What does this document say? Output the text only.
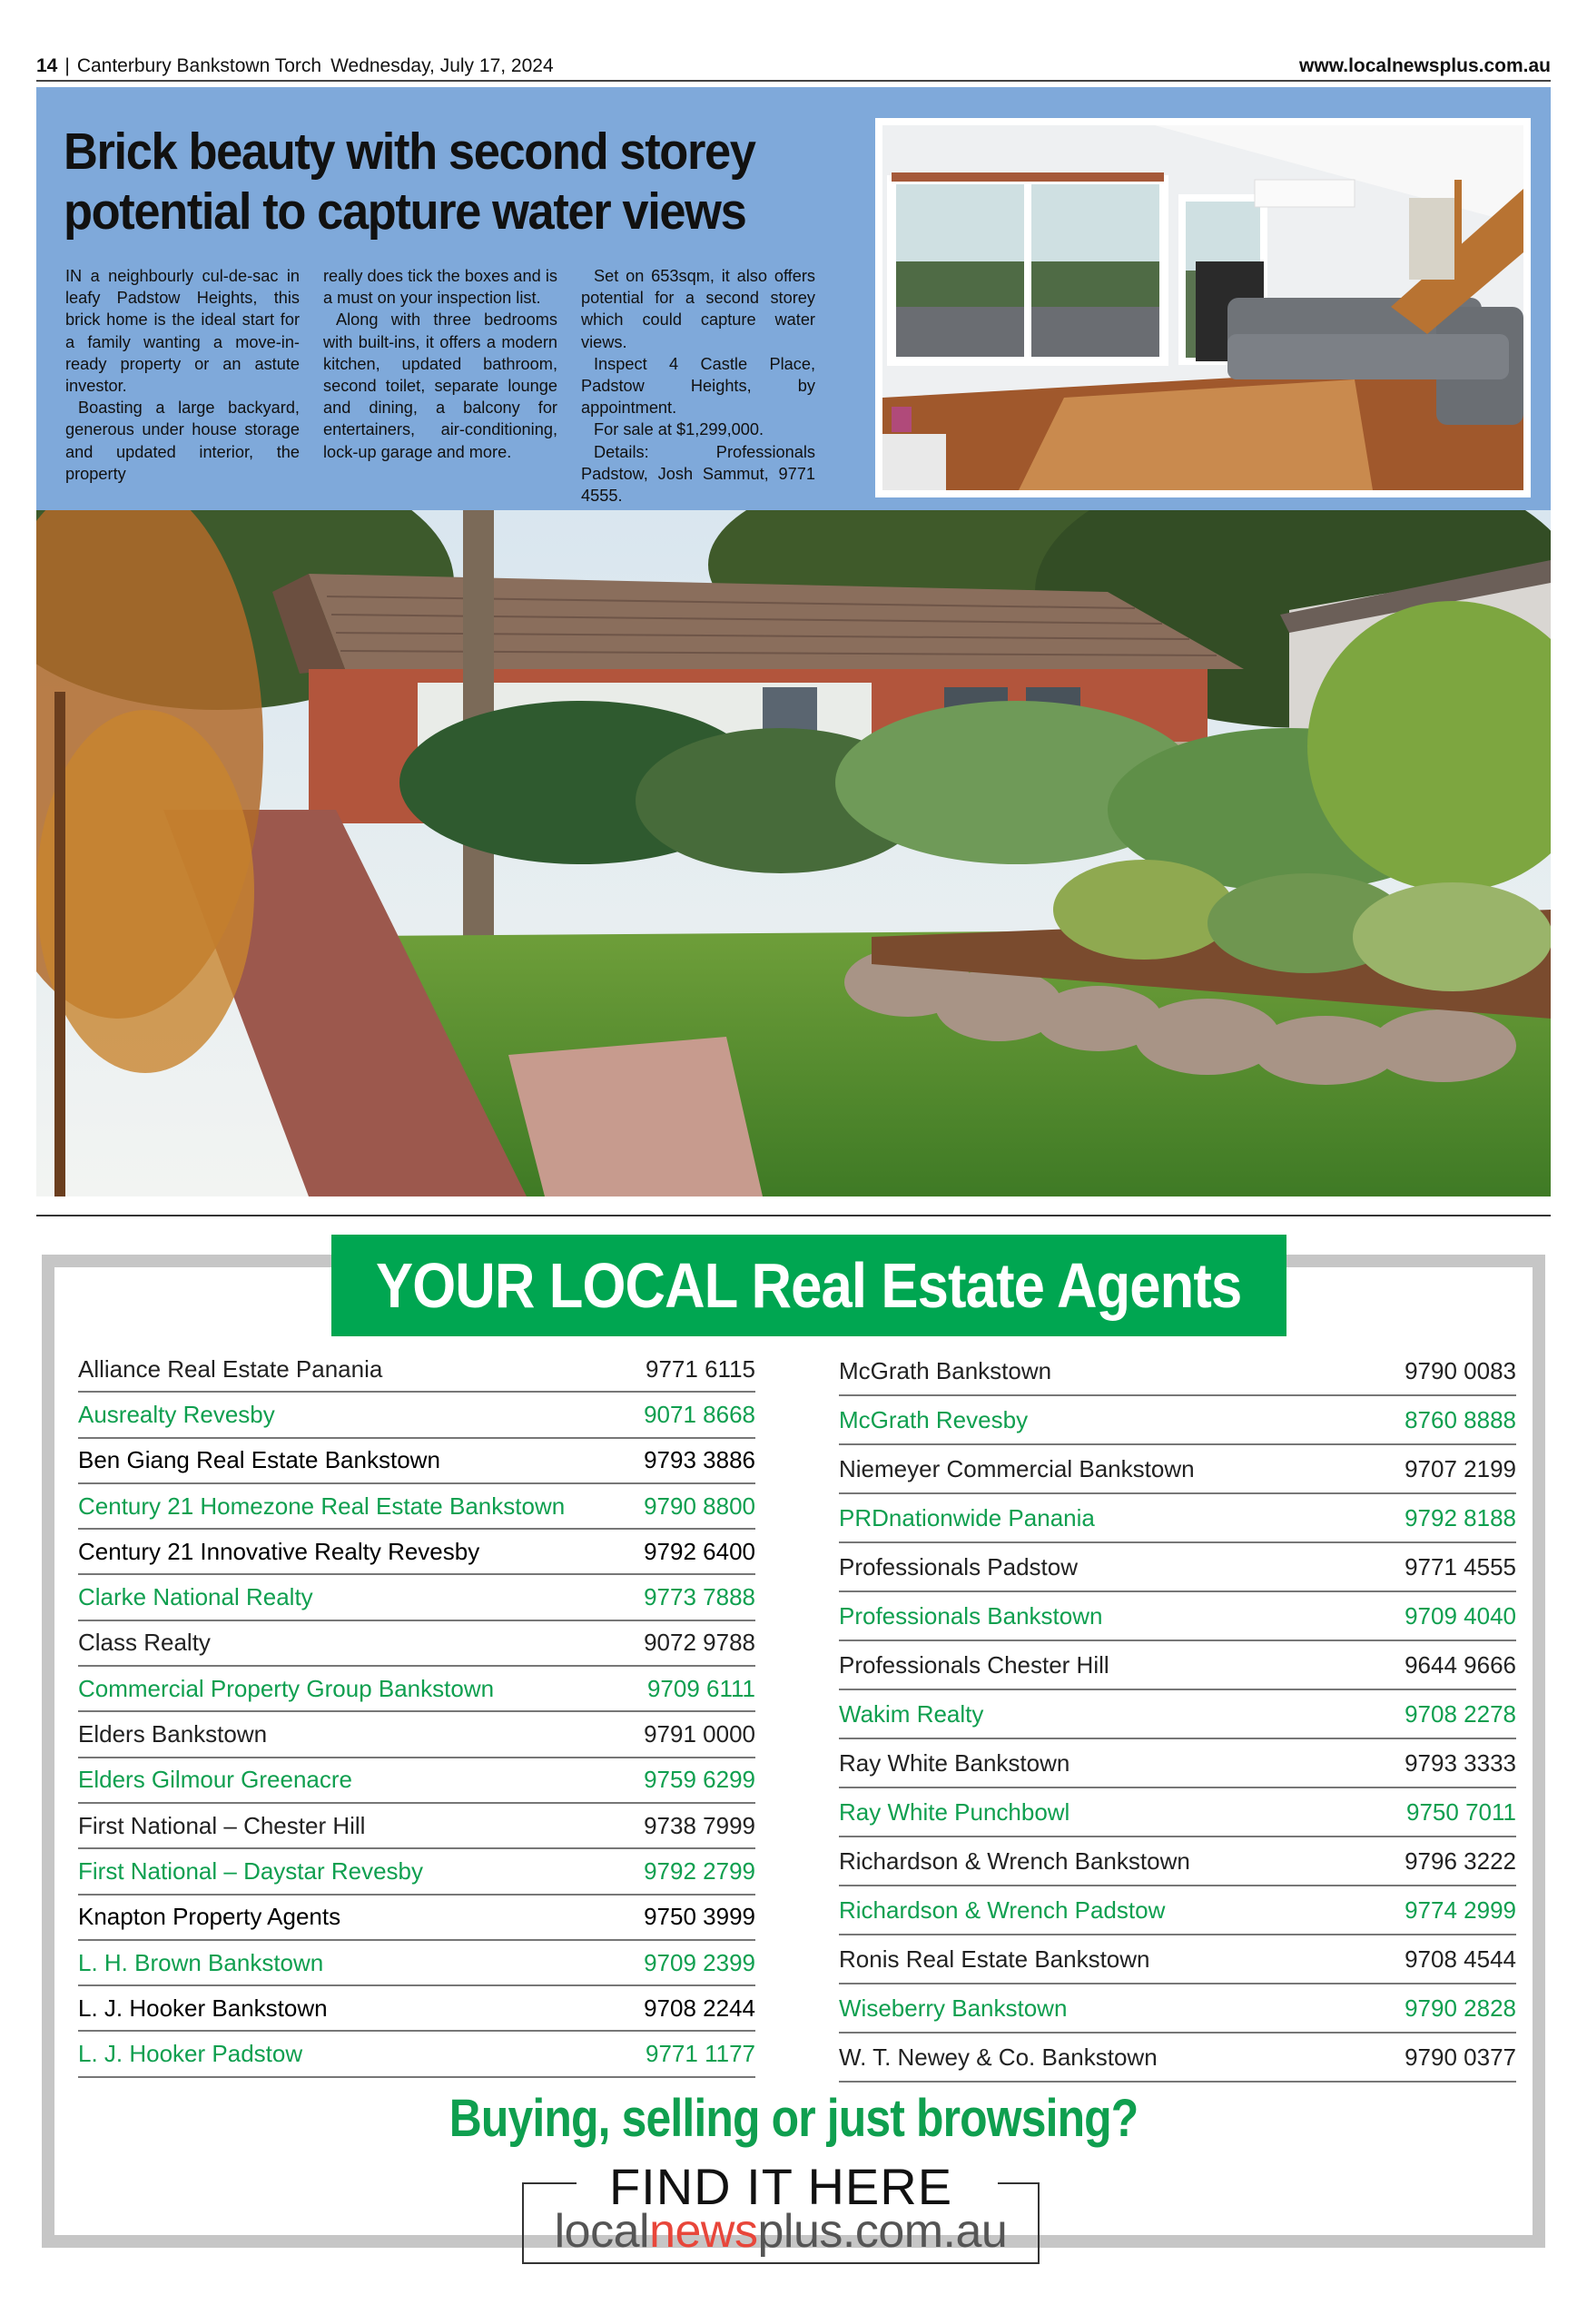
14 | Canterbury Bankstown Torch Wednesday, July 17, 2024	www.localnewsplus.com.au
Brick beauty with second storey potential to capture water views

IN a neighbourly cul-de-sac in leafy Padstow Heights, this brick home is the ideal start for a family wanting a move-in-ready property or an astute investor.

Boasting a large backyard, generous under house storage and updated interior, the property

really does tick the boxes and is a must on your inspection list.

Along with three bedrooms with built-ins, it offers a modern kitchen, updated bathroom, second toilet, separate lounge and dining, a balcony for entertainers, air-conditioning, lock-up garage and more.

Set on 653sqm, it also offers potential for a second storey which could capture water views.

Inspect 4 Castle Place, Padstow Heights, by appointment.

For sale at $1,299,000.

Details: Professionals Padstow, Josh Sammut, 9771 4555.

YOUR LOCAL Real Estate Agents
Alliance Real Estate Panania	9771 6115
Ausrealty Revesby	9071 8668
Ben Giang Real Estate Bankstown	9793 3886
Century 21 Homezone Real Estate Bankstown	9790 8800
Century 21 Innovative Realty Revesby	9792 6400
Clarke National Realty	9773 7888
Class Realty	9072 9788
Commercial Property Group Bankstown	9709 6111
Elders Bankstown	9791 0000
Elders Gilmour Greenacre	9759 6299
First National – Chester Hill	9738 7999
First National – Daystar Revesby	9792 2799
Knapton Property Agents	9750 3999
L. H. Brown Bankstown	9709 2399
L. J. Hooker Bankstown	9708 2244
L. J. Hooker Padstow	9771 1177
McGrath Bankstown	9790 0083
McGrath Revesby	8760 8888
Niemeyer Commercial Bankstown	9707 2199
PRDnationwide Panania	9792 8188
Professionals Padstow	9771 4555
Professionals Bankstown	9709 4040
Professionals Chester Hill	9644 9666
Wakim Realty	9708 2278
Ray White Bankstown	9793 3333
Ray White Punchbowl	9750 7011
Richardson & Wrench Bankstown	9796 3222
Richardson & Wrench Padstow	9774 2999
Ronis Real Estate Bankstown	9708 4544
Wiseberry Bankstown	9790 2828
W. T. Newey & Co. Bankstown	9790 0377
Buying, selling or just browsing?
FIND IT HERE
localnewsplus.com.au
